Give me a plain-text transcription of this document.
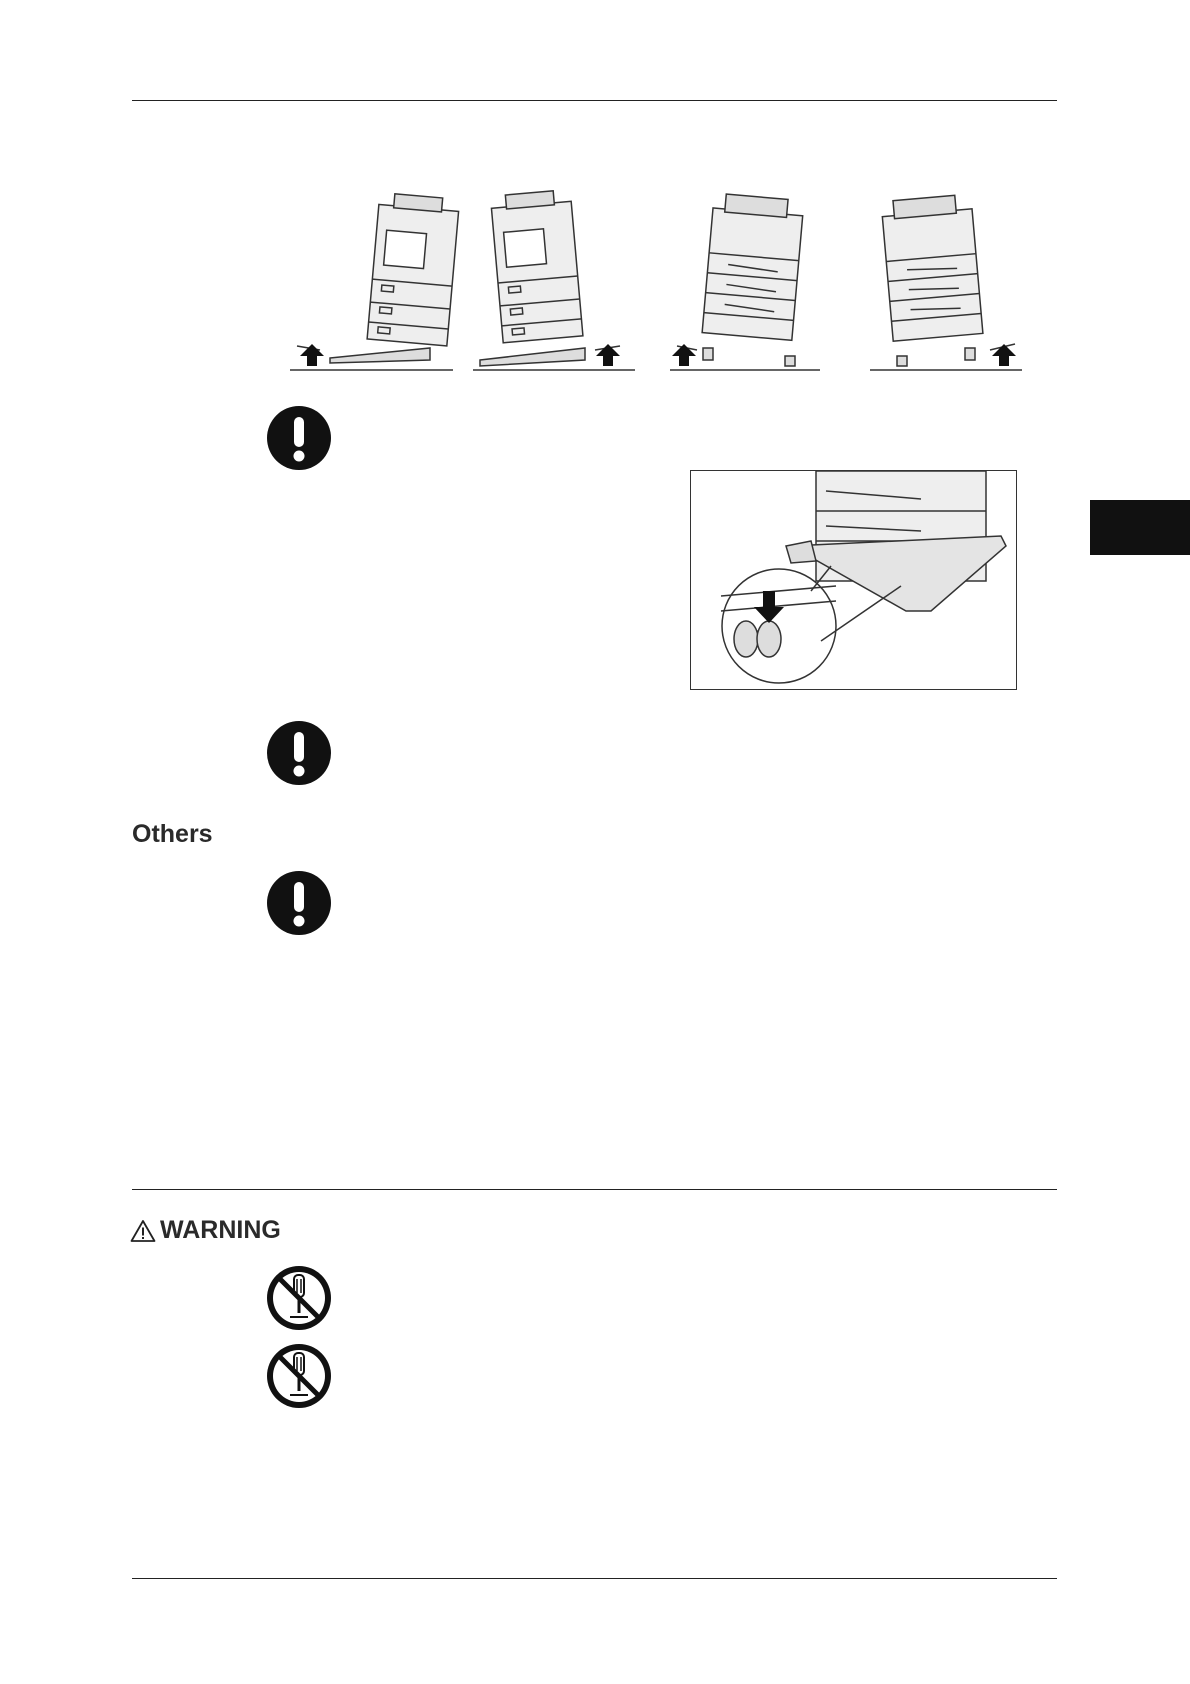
Others
WARNING
